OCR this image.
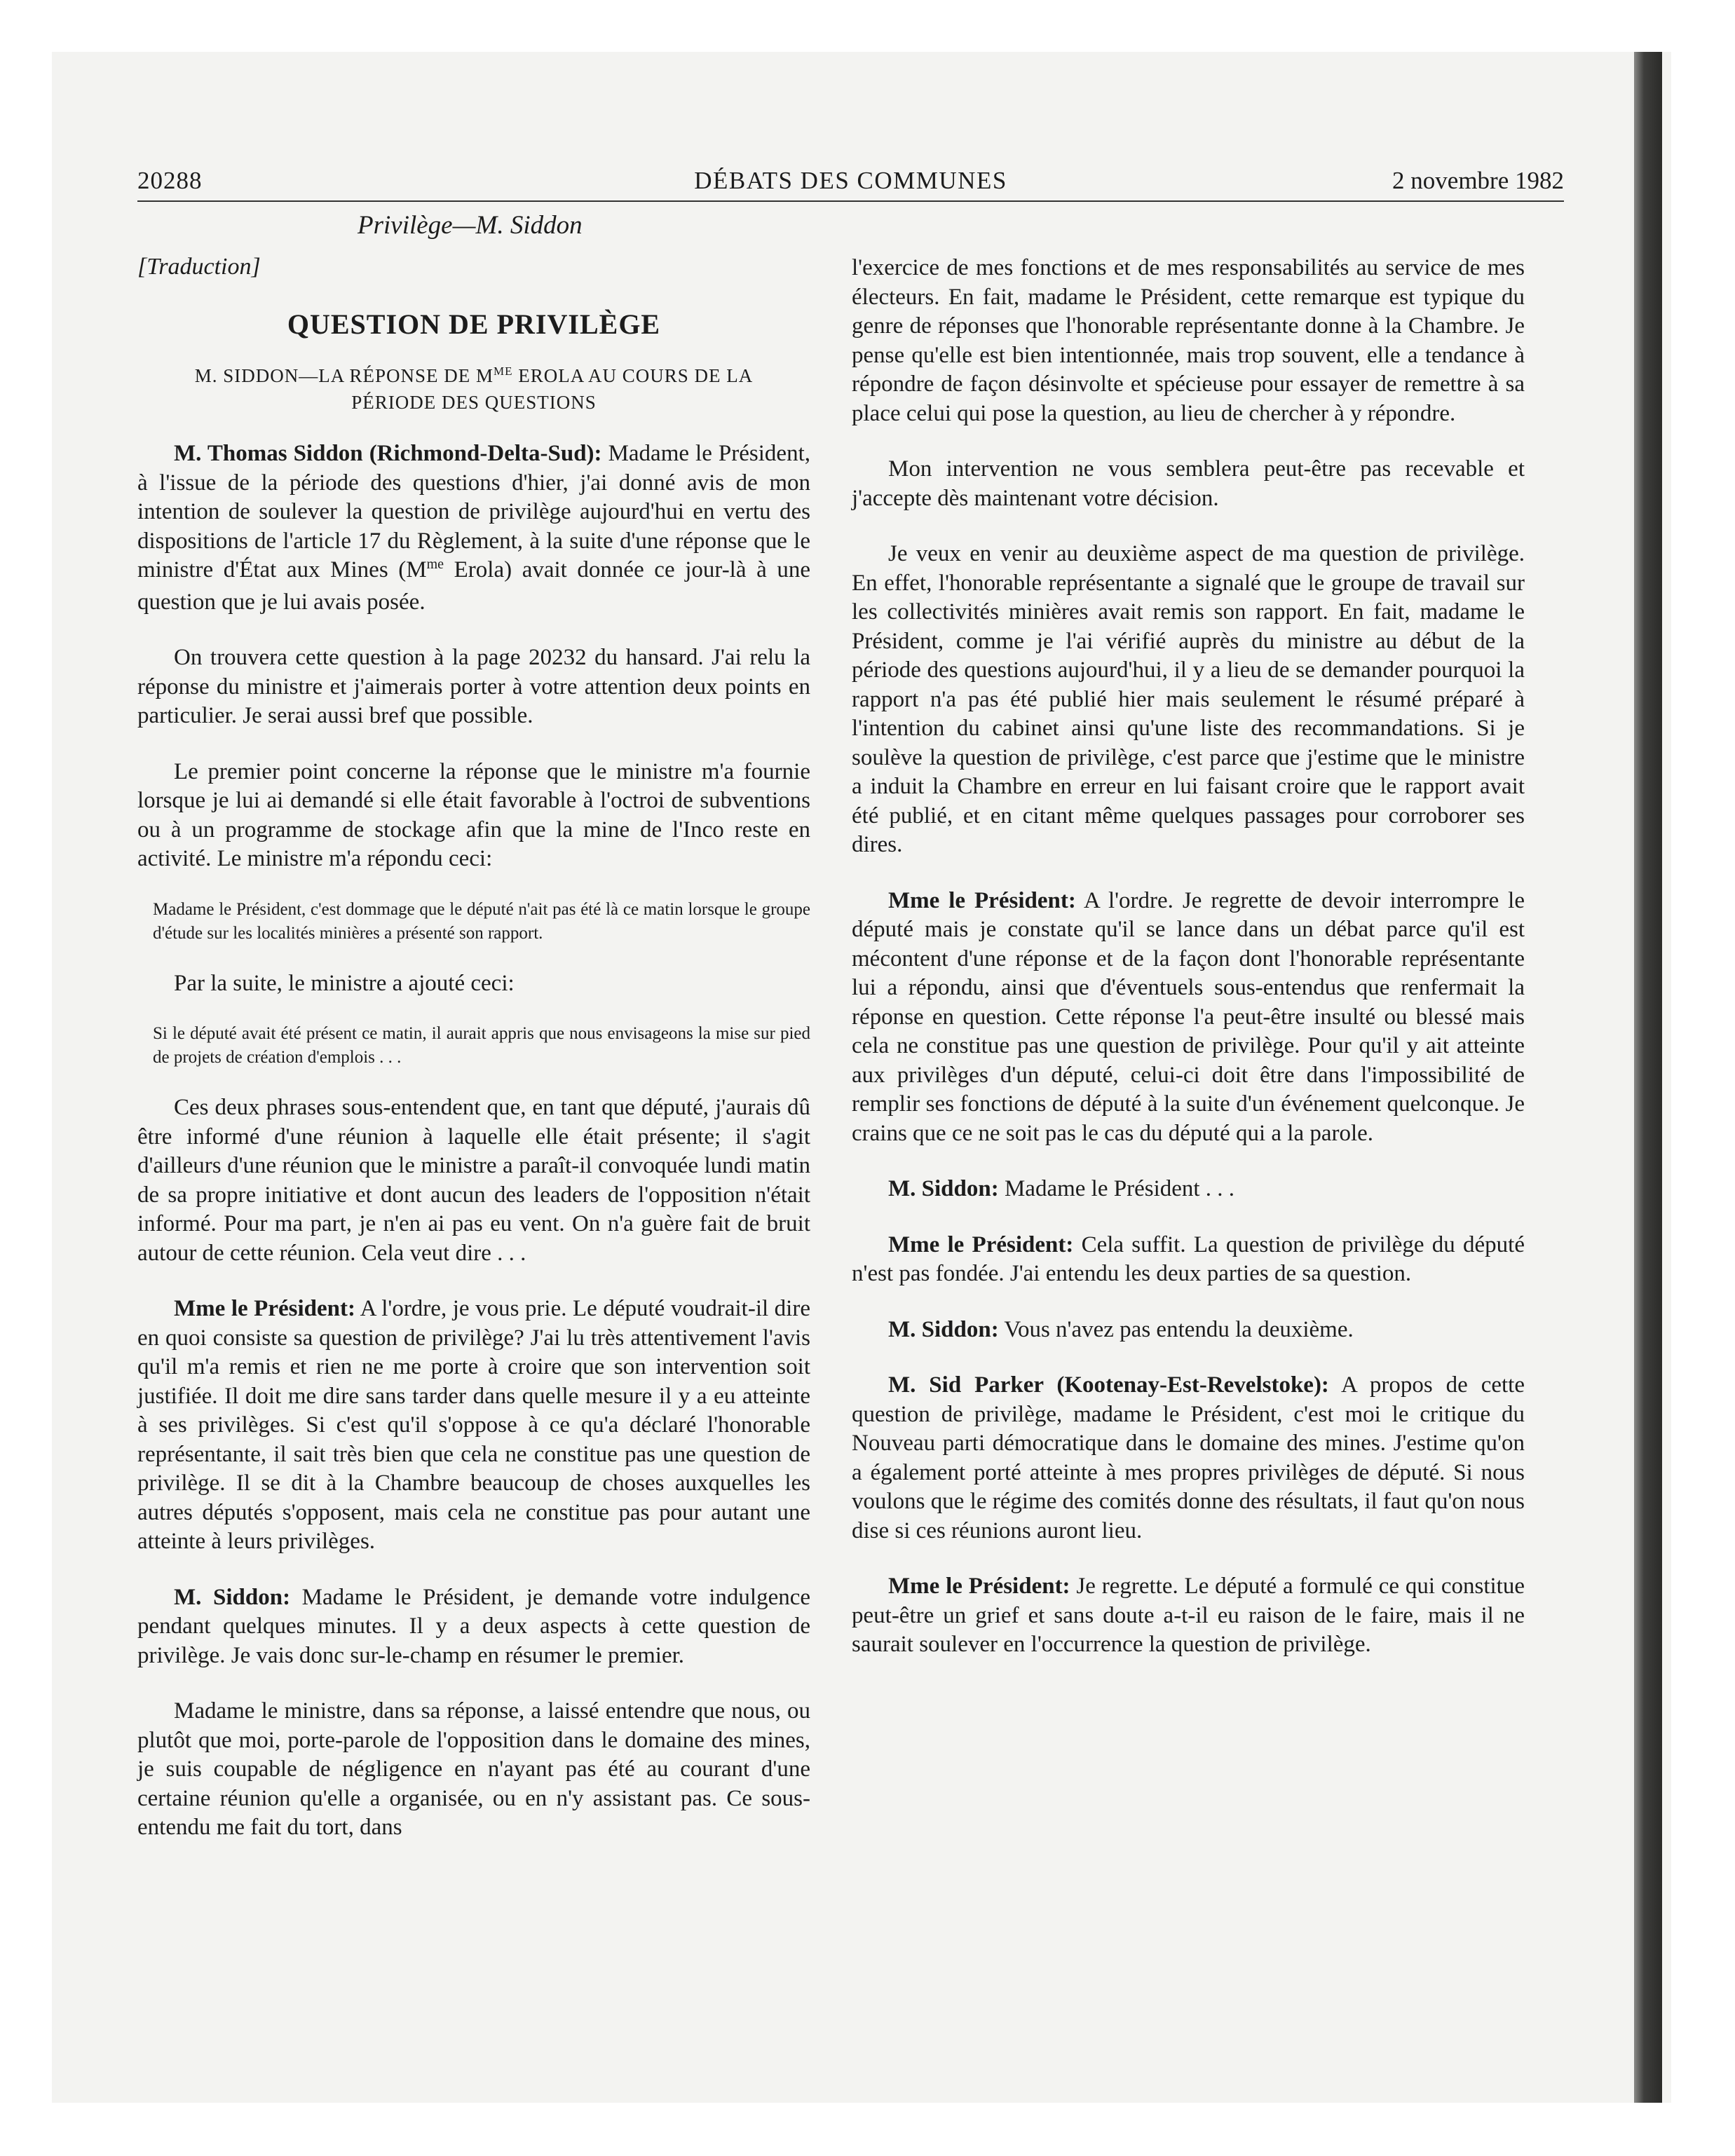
20288	DÉBATS DES COMMUNES	2 novembre 1982
Privilège—M. Siddon
[Traduction]
QUESTION DE PRIVILÈGE
M. SIDDON—LA RÉPONSE DE $M^{ME}$ EROLA AU COURS DE LA PÉRIODE DES QUESTIONS

M. Thomas Siddon (Richmond-Delta-Sud): Madame le Président, à l'issue de la période des questions d'hier, j'ai donné avis de mon intention de soulever la question de privilège aujourd'hui en vertu des dispositions de l'article 17 du Règlement, à la suite d'une réponse que le ministre d'État aux Mines ($M^{me}$ Erola) avait donnée ce jour-là à une question que je lui avais posée.

On trouvera cette question à la page 20232 du hansard. J'ai relu la réponse du ministre et j'aimerais porter à votre attention deux points en particulier. Je serai aussi bref que possible.

Le premier point concerne la réponse que le ministre m'a fournie lorsque je lui ai demandé si elle était favorable à l'octroi de subventions ou à un programme de stockage afin que la mine de l'Inco reste en activité. Le ministre m'a répondu ceci:

Madame le Président, c'est dommage que le député n'ait pas été là ce matin lorsque le groupe d'étude sur les localités minières a présenté son rapport.

Par la suite, le ministre a ajouté ceci:

Si le député avait été présent ce matin, il aurait appris que nous envisageons la mise sur pied de projets de création d'emplois . . .

Ces deux phrases sous-entendent que, en tant que député, j'aurais dû être informé d'une réunion à laquelle elle était présente; il s'agit d'ailleurs d'une réunion que le ministre a paraît-il convoquée lundi matin de sa propre initiative et dont aucun des leaders de l'opposition n'était informé. Pour ma part, je n'en ai pas eu vent. On n'a guère fait de bruit autour de cette réunion. Cela veut dire . . .

Mme le Président: A l'ordre, je vous prie. Le député voudrait-il dire en quoi consiste sa question de privilège? J'ai lu très attentivement l'avis qu'il m'a remis et rien ne me porte à croire que son intervention soit justifiée. Il doit me dire sans tarder dans quelle mesure il y a eu atteinte à ses privilèges. Si c'est qu'il s'oppose à ce qu'a déclaré l'honorable représentante, il sait très bien que cela ne constitue pas une question de privilège. Il se dit à la Chambre beaucoup de choses auxquelles les autres députés s'opposent, mais cela ne constitue pas pour autant une atteinte à leurs privilèges.

M. Siddon: Madame le Président, je demande votre indulgence pendant quelques minutes. Il y a deux aspects à cette question de privilège. Je vais donc sur-le-champ en résumer le premier.

Madame le ministre, dans sa réponse, a laissé entendre que nous, ou plutôt que moi, porte-parole de l'opposition dans le domaine des mines, je suis coupable de négligence en n'ayant pas été au courant d'une certaine réunion qu'elle a organisée, ou en n'y assistant pas. Ce sous-entendu me fait du tort, dans

l'exercice de mes fonctions et de mes responsabilités au service de mes électeurs. En fait, madame le Président, cette remarque est typique du genre de réponses que l'honorable représentante donne à la Chambre. Je pense qu'elle est bien intentionnée, mais trop souvent, elle a tendance à répondre de façon désinvolte et spécieuse pour essayer de remettre à sa place celui qui pose la question, au lieu de chercher à y répondre.

Mon intervention ne vous semblera peut-être pas recevable et j'accepte dès maintenant votre décision.

Je veux en venir au deuxième aspect de ma question de privilège. En effet, l'honorable représentante a signalé que le groupe de travail sur les collectivités minières avait remis son rapport. En fait, madame le Président, comme je l'ai vérifié auprès du ministre au début de la période des questions aujourd'hui, il y a lieu de se demander pourquoi la rapport n'a pas été publié hier mais seulement le résumé préparé à l'intention du cabinet ainsi qu'une liste des recommandations. Si je soulève la question de privilège, c'est parce que j'estime que le ministre a induit la Chambre en erreur en lui faisant croire que le rapport avait été publié, et en citant même quelques passages pour corroborer ses dires.

Mme le Président: A l'ordre. Je regrette de devoir interrompre le député mais je constate qu'il se lance dans un débat parce qu'il est mécontent d'une réponse et de la façon dont l'honorable représentante lui a répondu, ainsi que d'éventuels sous-entendus que renfermait la réponse en question. Cette réponse l'a peut-être insulté ou blessé mais cela ne constitue pas une question de privilège. Pour qu'il y ait atteinte aux privilèges d'un député, celui-ci doit être dans l'impossibilité de remplir ses fonctions de député à la suite d'un événement quelconque. Je crains que ce ne soit pas le cas du député qui a la parole.

M. Siddon: Madame le Président . . .

Mme le Président: Cela suffit. La question de privilège du député n'est pas fondée. J'ai entendu les deux parties de sa question.

M. Siddon: Vous n'avez pas entendu la deuxième.

M. Sid Parker (Kootenay-Est-Revelstoke): A propos de cette question de privilège, madame le Président, c'est moi le critique du Nouveau parti démocratique dans le domaine des mines. J'estime qu'on a également porté atteinte à mes propres privilèges de député. Si nous voulons que le régime des comités donne des résultats, il faut qu'on nous dise si ces réunions auront lieu.

Mme le Président: Je regrette. Le député a formulé ce qui constitue peut-être un grief et sans doute a-t-il eu raison de le faire, mais il ne saurait soulever en l'occurrence la question de privilège.
